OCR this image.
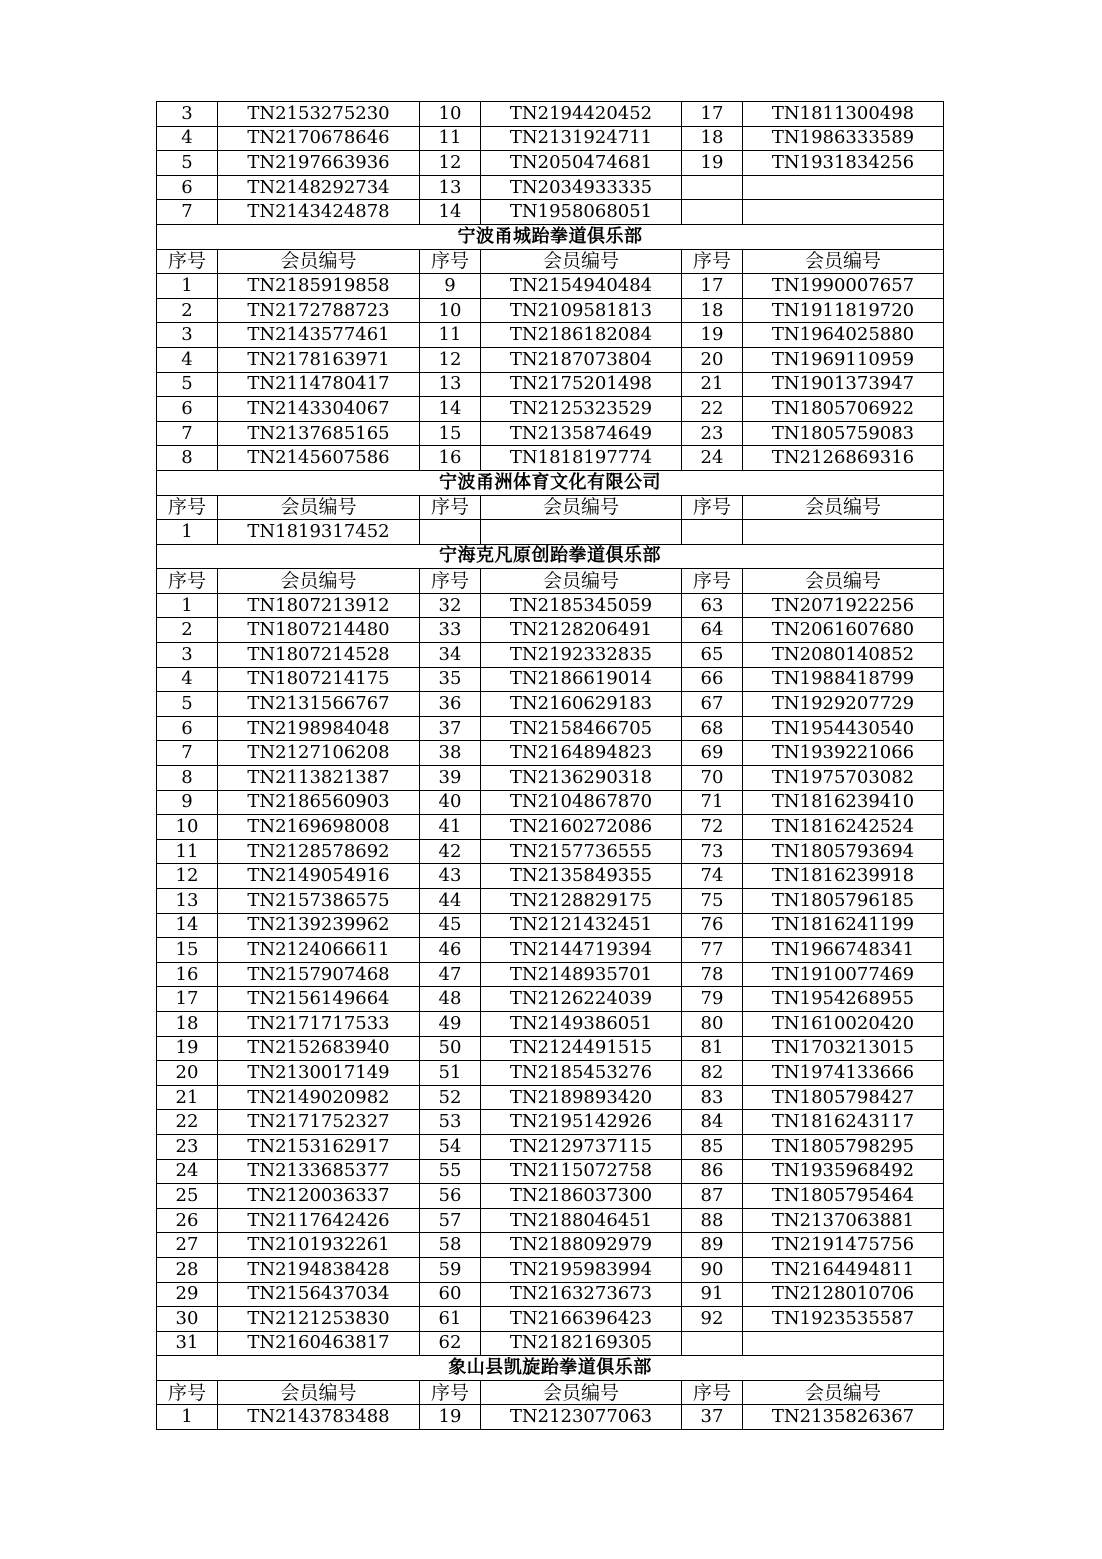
3	TN2153275230	10	TN2194420452	17	TN1811300498
4	TN2170678646	11	TN2131924711	18	TN1986333589
5	TN2197663936	12	TN2050474681	19	TN1931834256
6	TN2148292734	13	TN2034933335		
7	TN2143424878	14	TN1958068051		
宁波甬城跆拳道俱乐部					
序号	会员编号	序号	会员编号	序号	会员编号
1	TN2185919858	9	TN2154940484	17	TN1990007657
2	TN2172788723	10	TN2109581813	18	TN1911819720
3	TN2143577461	11	TN2186182084	19	TN1964025880
4	TN2178163971	12	TN2187073804	20	TN1969110959
5	TN2114780417	13	TN2175201498	21	TN1901373947
6	TN2143304067	14	TN2125323529	22	TN1805706922
7	TN2137685165	15	TN2135874649	23	TN1805759083
8	TN2145607586	16	TN1818197774	24	TN2126869316
宁波甬洲体育文化有限公司					
序号	会员编号	序号	会员编号	序号	会员编号
1	TN1819317452				
宁海克凡原创跆拳道俱乐部					
序号	会员编号	序号	会员编号	序号	会员编号
1	TN1807213912	32	TN2185345059	63	TN2071922256
2	TN1807214480	33	TN2128206491	64	TN2061607680
3	TN1807214528	34	TN2192332835	65	TN2080140852
4	TN1807214175	35	TN2186619014	66	TN1988418799
5	TN2131566767	36	TN2160629183	67	TN1929207729
6	TN2198984048	37	TN2158466705	68	TN1954430540
7	TN2127106208	38	TN2164894823	69	TN1939221066
8	TN2113821387	39	TN2136290318	70	TN1975703082
9	TN2186560903	40	TN2104867870	71	TN1816239410
10	TN2169698008	41	TN2160272086	72	TN1816242524
11	TN2128578692	42	TN2157736555	73	TN1805793694
12	TN2149054916	43	TN2135849355	74	TN1816239918
13	TN2157386575	44	TN2128829175	75	TN1805796185
14	TN2139239962	45	TN2121432451	76	TN1816241199
15	TN2124066611	46	TN2144719394	77	TN1966748341
16	TN2157907468	47	TN2148935701	78	TN1910077469
17	TN2156149664	48	TN2126224039	79	TN1954268955
18	TN2171717533	49	TN2149386051	80	TN1610020420
19	TN2152683940	50	TN2124491515	81	TN1703213015
20	TN2130017149	51	TN2185453276	82	TN1974133666
21	TN2149020982	52	TN2189893420	83	TN1805798427
22	TN2171752327	53	TN2195142926	84	TN1816243117
23	TN2153162917	54	TN2129737115	85	TN1805798295
24	TN2133685377	55	TN2115072758	86	TN1935968492
25	TN2120036337	56	TN2186037300	87	TN1805795464
26	TN2117642426	57	TN2188046451	88	TN2137063881
27	TN2101932261	58	TN2188092979	89	TN2191475756
28	TN2194838428	59	TN2195983994	90	TN2164494811
29	TN2156437034	60	TN2163273673	91	TN2128010706
30	TN2121253830	61	TN2166396423	92	TN1923535587
31	TN2160463817	62	TN2182169305		
象山县凯旋跆拳道俱乐部					
序号	会员编号	序号	会员编号	序号	会员编号
1	TN2143783488	19	TN2123077063	37	TN2135826367
